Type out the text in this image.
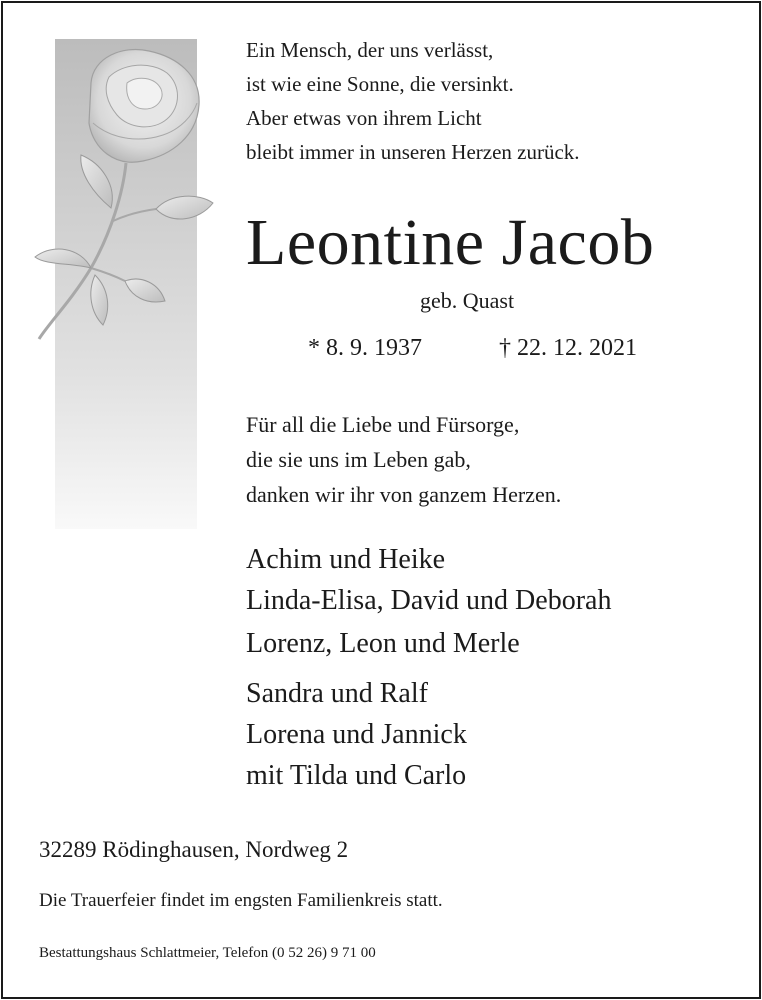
Ein Mensch, der uns verlässt,
ist wie eine Sonne, die versinkt.
Aber etwas von ihrem Licht
bleibt immer in unseren Herzen zurück.
Leontine Jacob
geb. Quast
* 8. 9. 1937	† 22. 12. 2021
Für all die Liebe und Fürsorge,
die sie uns im Leben gab,
danken wir ihr von ganzem Herzen.
Achim und Heike
Linda-Elisa, David und Deborah
Lorenz, Leon und Merle
Sandra und Ralf
Lorena und Jannick
mit Tilda und Carlo
32289 Rödinghausen, Nordweg 2
Die Trauerfeier findet im engsten Familienkreis statt.
Bestattungshaus Schlattmeier, Telefon (0 52 26) 9 71 00
